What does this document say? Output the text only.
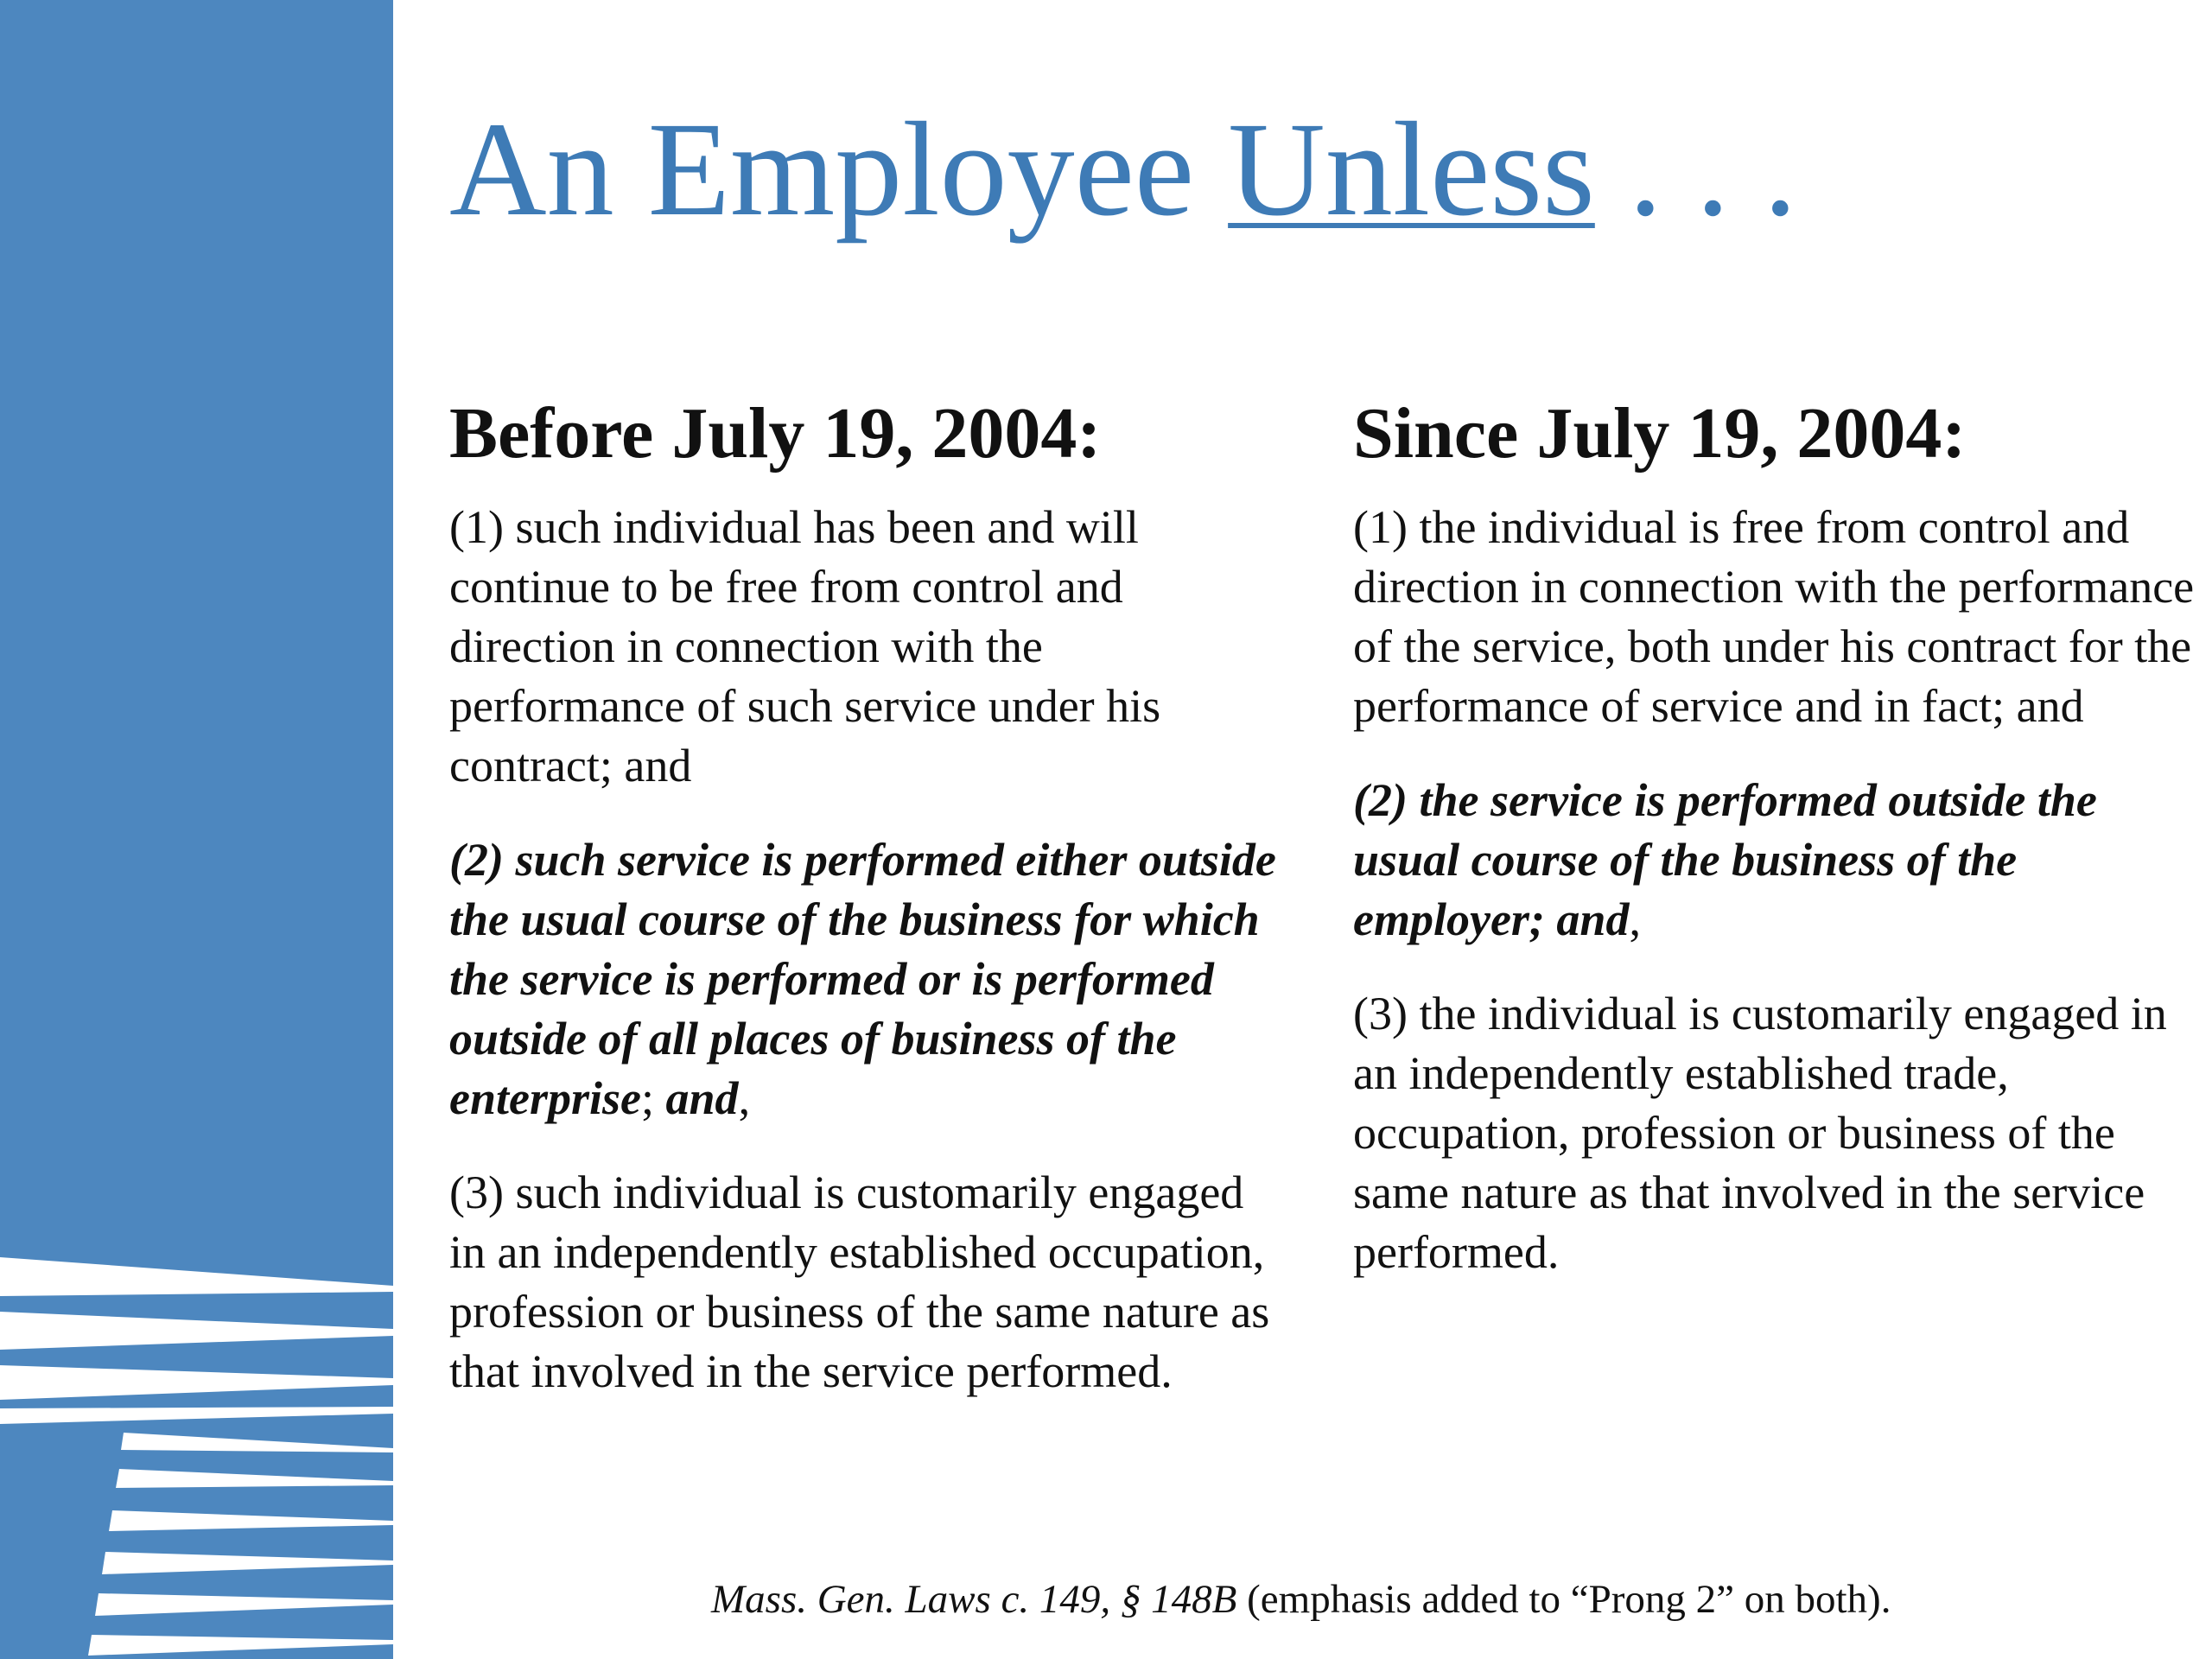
An Employee Unless . . .
Before July 19, 2004:

(1) such individual has been and will continue to be free from control and direction in connection with the performance of such service under his contract; and

(2) such service is performed either outside the usual course of the business for which the service is performed or is performed outside of all places of business of the enterprise; and,

(3) such individual is customarily engaged in an independently established occupation, profession or business of the same nature as that involved in the service performed.

Since July 19, 2004:

(1) the individual is free from control and direction in connection with the performance of the service, both under his contract for the performance of service and in fact; and

(2) the service is performed outside the usual course of the business of the employer; and,

(3) the individual is customarily engaged in an independently established trade, occupation, profession or business of the same nature as that involved in the service performed.

Mass. Gen. Laws c. 149, § 148B (emphasis added to “Prong 2” on both).
